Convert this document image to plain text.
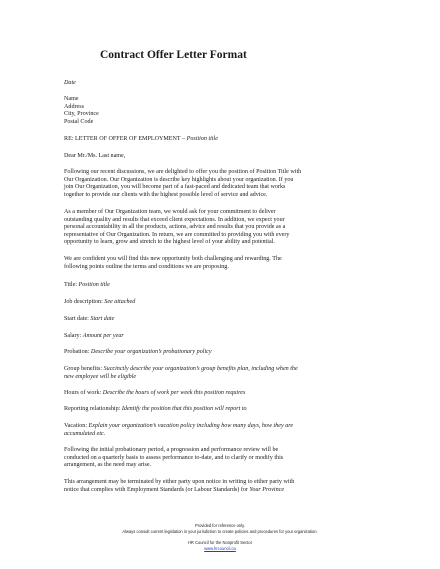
Contract Offer Letter Format
Date
Name
Address
City, Province
Postal Code
RE: LETTER OF OFFER OF EMPLOYMENT – Position title
Dear Mr./Ms. Last name,
Following our recent discussions, we are delighted to offer you the position of Position Title with
Our Organization. Our Organization is describe key highlights about your organization. If you
join Our Organization, you will become part of a fast-paced and dedicated team that works
together to provide our clients with the highest possible level of service and advice.
As a member of Our Organization team, we would ask for your commitment to deliver
outstanding quality and results that exceed client expectations. In addition, we expect your
personal accountability in all the products, actions, advice and results that you provide as a
representative of Our Organization. In return, we are committed to providing you with every
opportunity to learn, grow and stretch to the highest level of your ability and potential.
We are confident you will find this new opportunity both challenging and rewarding. The
following points outline the terms and conditions we are proposing.
Title: Position title
Job description: See attached
Start date: Start date
Salary: Amount per year
Probation: Describe your organization’s probationary policy
Group benefits: Succinctly describe your organization’s group benefits plan, including when the
new employee will be eligible
Hours of work: Describe the hours of work per week this position requires
Reporting relationship: Identify the position that this position will report to
Vacation: Explain your organization’s vacation policy including how many days, how they are
accumulated etc.
Following the initial probationary period, a progression and performance review will be
conducted on a quarterly basis to assess performance to-date, and to clarify or modify this
arrangement, as the need may arise.
This arrangement may be terminated by either party upon notice in writing to either party with
notice that complies with Employment Standards (or Labour Standards) for Your Province
Provided for reference only.
Always consult current legislation in your jurisdiction to create policies and procedures for your organization.
HR Council for the Nonprofit Sector
www.hrcouncil.ca
